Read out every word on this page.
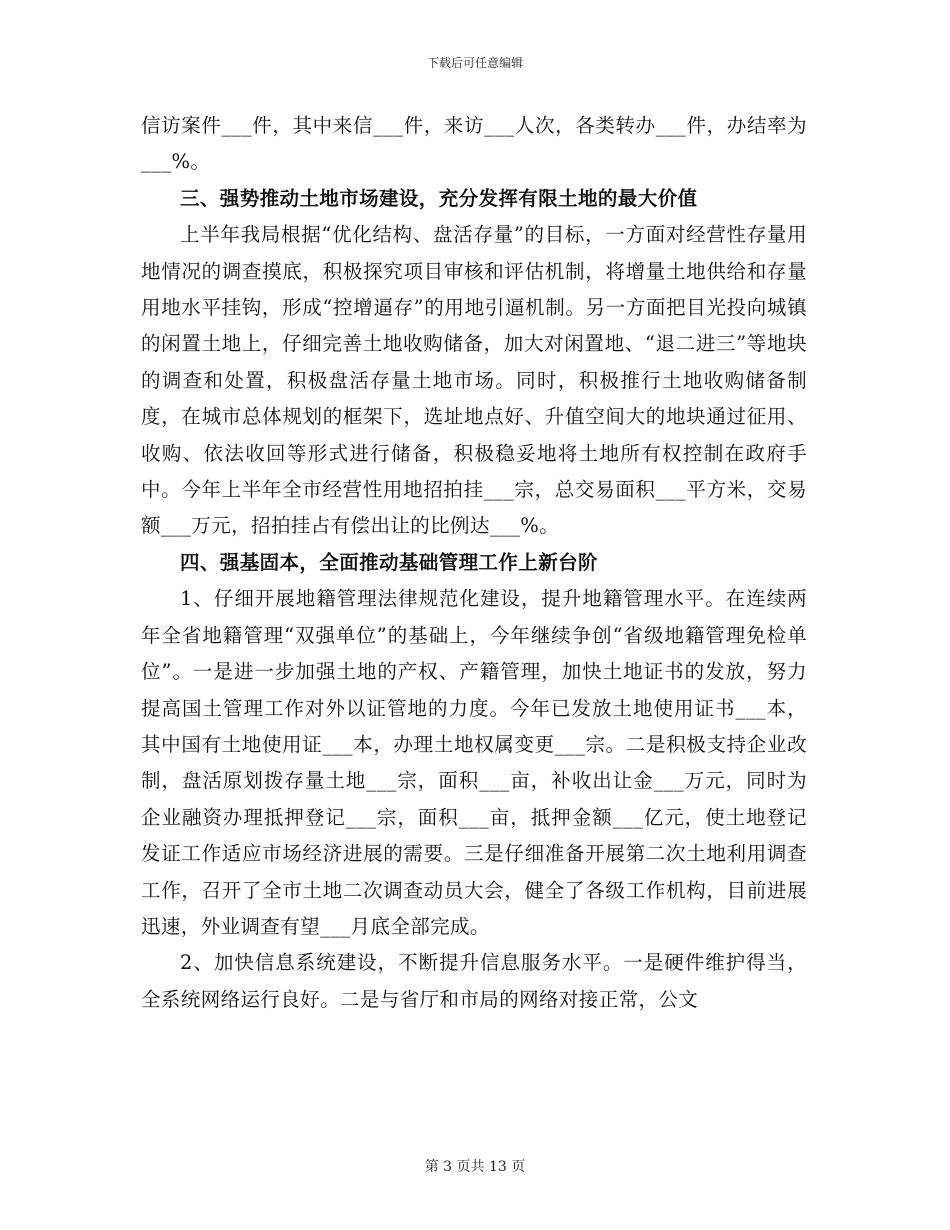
下载后可任意编辑

信访案件___件，其中来信___件，来访___人次，各类转办___件，办结率为___%。

三、强势推动土地市场建设，充分发挥有限土地的最大价值

上半年我局根据“优化结构、盘活存量”的目标，一方面对经营性存量用地情况的调查摸底，积极探究项目审核和评估机制，将增量土地供给和存量用地水平挂钩，形成“控增逼存”的用地引逼机制。另一方面把目光投向城镇的闲置土地上，仔细完善土地收购储备，加大对闲置地、“退二进三”等地块的调查和处置，积极盘活存量土地市场。同时，积极推行土地收购储备制度，在城市总体规划的框架下，选址地点好、升值空间大的地块通过征用、收购、依法收回等形式进行储备，积极稳妥地将土地所有权控制在政府手中。今年上半年全市经营性用地招拍挂___宗，总交易面积___平方米，交易额___万元，招拍挂占有偿出让的比例达___%。

四、强基固本，全面推动基础管理工作上新台阶

1、仔细开展地籍管理法律规范化建设，提升地籍管理水平。在连续两年全省地籍管理“双强单位”的基础上，今年继续争创“省级地籍管理免检单位”。一是进一步加强土地的产权、产籍管理，加快土地证书的发放，努力提高国土管理工作对外以证管地的力度。今年已发放土地使用证书___本，其中国有土地使用证___本，办理土地权属变更___宗。二是积极支持企业改制，盘活原划拨存量土地___宗，面积___亩，补收出让金___万元，同时为企业融资办理抵押登记___宗，面积___亩，抵押金额___亿元，使土地登记发证工作适应市场经济进展的需要。三是仔细准备开展第二次土地利用调查工作，召开了全市土地二次调查动员大会，健全了各级工作机构，目前进展迅速，外业调查有望___月底全部完成。

2、加快信息系统建设，不断提升信息服务水平。一是硬件维护得当，全系统网络运行良好。二是与省厅和市局的网络对接正常，公文

第 3 页共 13 页
